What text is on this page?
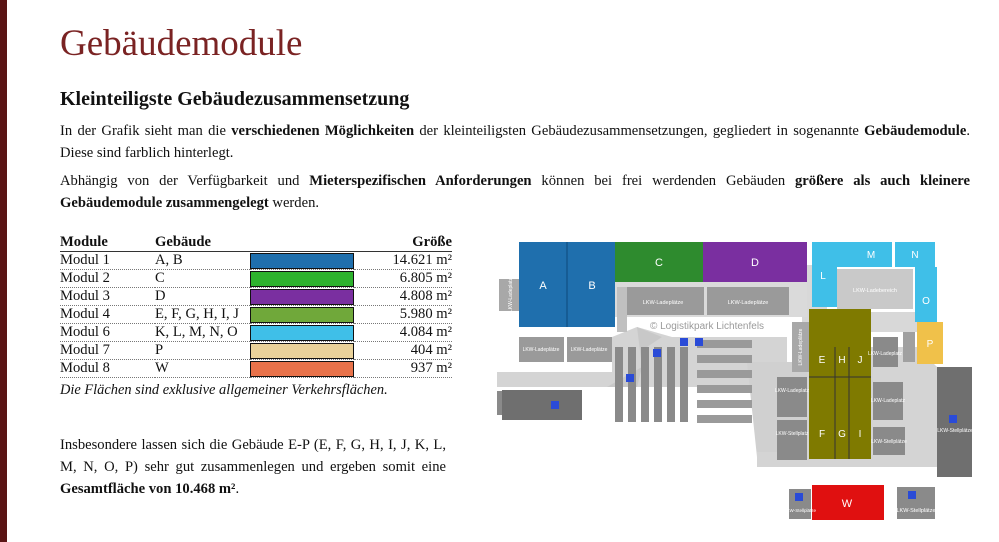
Gebäudemodule
Kleinteiligste Gebäudezusammensetzung

In der Grafik sieht man die verschiedenen Möglichkeiten der kleinteiligsten Gebäudezusammensetzungen, gegliedert in sogenannte Gebäudemodule. Diese sind farblich hinterlegt.

Abhängig von der Verfügbarkeit und Mieterspezifischen Anforderungen können bei frei werdenden Gebäuden größere als auch kleinere Gebäudemodule zusammengelegt werden.

Module	Gebäude		Größe
Modul 1	A, B		14.621 m²
Modul 2	C		6.805 m²
Modul 3	D		4.808 m²
Modul 4	E, F, G, H, I, J		5.980 m²
Modul 6	K, L, M, N, O		4.084 m²
Modul 7	P		404 m²
Modul 8	W		937 m²

Die Flächen sind exklusive allgemeiner Verkehrsflächen.

Insbesondere lassen sich die Gebäude E-P (E, F, G, H, I, J, K, L, M, N, O, P) sehr gut zusammenlegen und ergeben somit eine Gesamtfläche von 10.468 m².

LKW-Ladeplatz A	B
C	D
LKW-Ladeplätze	LKW-Ladeplätze
LKW-Ladeplätze LKW-Ladeplätze
© Logistikpark Lichtenfels
LKW-Ladeplätze
L
M	N
O
LKW-Ladebereich
P
E
F G
H
I
J
LKW-Ladeplatz
LKW-Stellplatz
LKW-Ladeplatz
LKW-Ladeplatz
LKW-Stellplätze
LKW-Stellplätze
W
LKW-Stellplätze	LKW-Stellplätze
